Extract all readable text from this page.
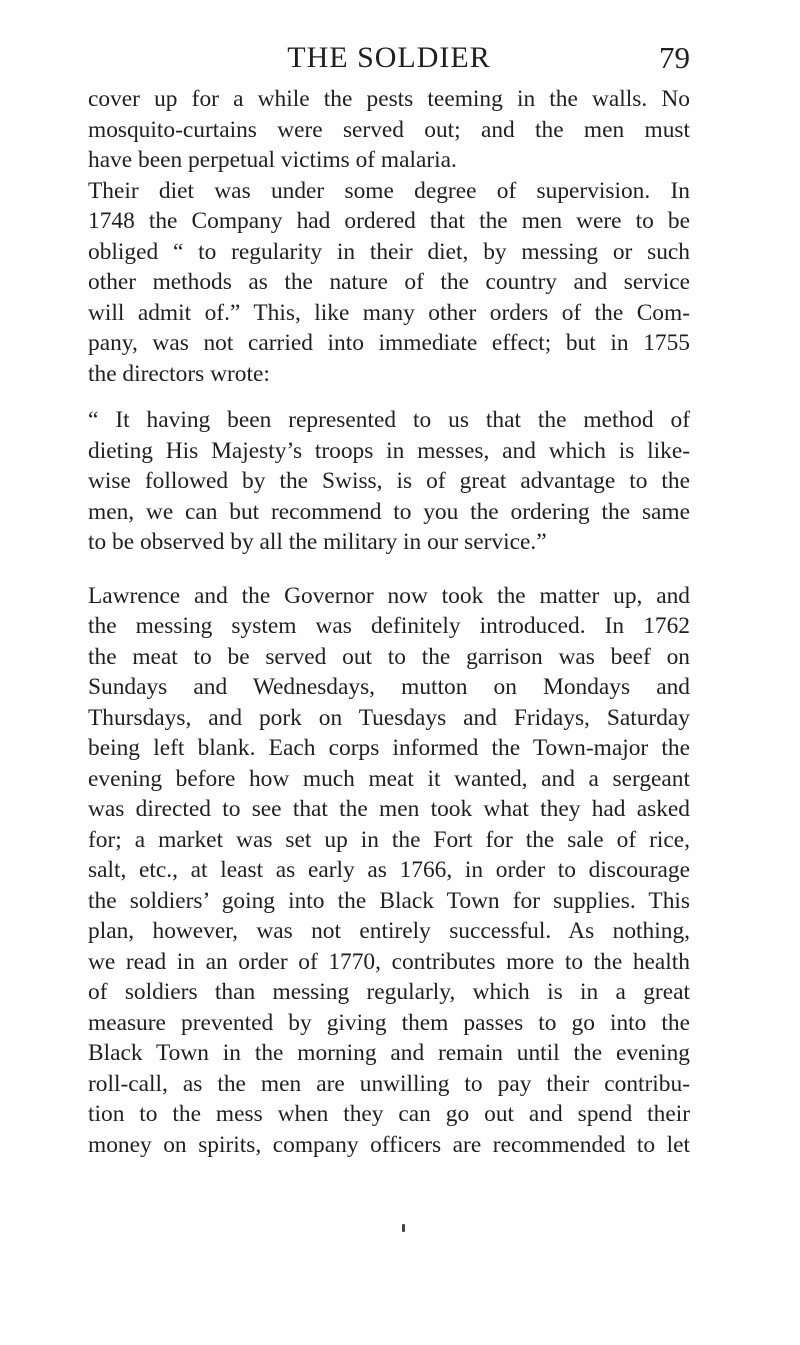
THE SOLDIER	79
cover up for a while the pests teeming in the walls. No
mosquito-curtains were served out; and the men must
have been perpetual victims of malaria.
Their diet was under some degree of supervision. In
1748 the Company had ordered that the men were to be
obliged “ to regularity in their diet, by messing or such
other methods as the nature of the country and service
will admit of.” This, like many other orders of the Com-
pany, was not carried into immediate effect; but in 1755
the directors wrote:
“ It having been represented to us that the method of
dieting His Majesty’s troops in messes, and which is like-
wise followed by the Swiss, is of great advantage to the
men, we can but recommend to you the ordering the same
to be observed by all the military in our service.”
Lawrence and the Governor now took the matter up, and
the messing system was definitely introduced. In 1762
the meat to be served out to the garrison was beef on
Sundays and Wednesdays, mutton on Mondays and
Thursdays, and pork on Tuesdays and Fridays, Saturday
being left blank. Each corps informed the Town-major the
evening before how much meat it wanted, and a sergeant
was directed to see that the men took what they had asked
for; a market was set up in the Fort for the sale of rice,
salt, etc., at least as early as 1766, in order to discourage
the soldiers’ going into the Black Town for supplies. This
plan, however, was not entirely successful. As nothing,
we read in an order of 1770, contributes more to the health
of soldiers than messing regularly, which is in a great
measure prevented by giving them passes to go into the
Black Town in the morning and remain until the evening
roll-call, as the men are unwilling to pay their contribu-
tion to the mess when they can go out and spend their
money on spirits, company officers are recommended to let
